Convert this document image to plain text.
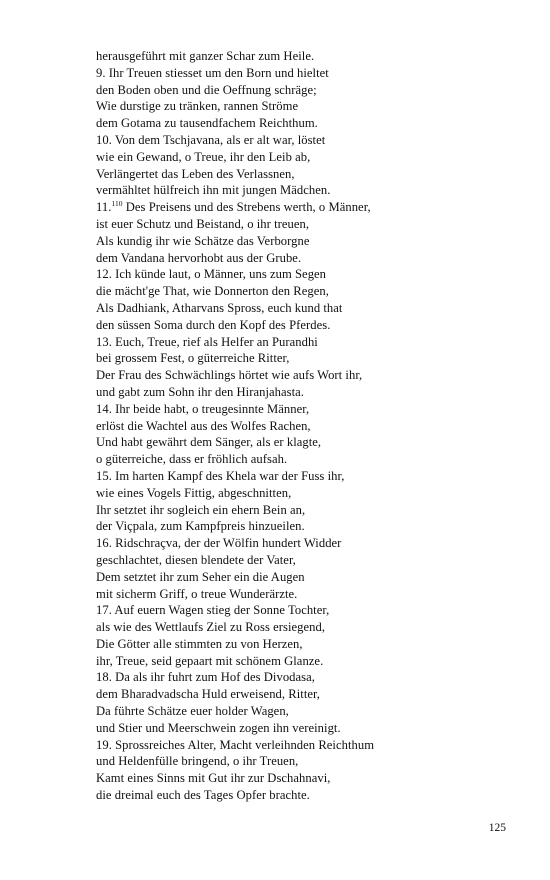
herausgeführt mit ganzer Schar zum Heile.
9. Ihr Treuen stiesset um den Born und hieltet
den Boden oben und die Oeffnung schräge;
Wie durstige zu tränken, rannen Ströme
dem Gotama zu tausendfachem Reichthum.
10. Von dem Tschjavana, als er alt war, löstet
wie ein Gewand, o Treue, ihr den Leib ab,
Verlängertet das Leben des Verlassnen,
vermähltet hülfreich ihn mit jungen Mädchen.
11.$^{110}$ Des Preisens und des Strebens werth, o Männer,
ist euer Schutz und Beistand, o ihr treuen,
Als kundig ihr wie Schätze das Verborgne
dem Vandana hervorhobt aus der Grube.
12. Ich künde laut, o Männer, uns zum Segen
die mächt'ge That, wie Donnerton den Regen,
Als Dadhiank, Atharvans Spross, euch kund that
den süssen Soma durch den Kopf des Pferdes.
13. Euch, Treue, rief als Helfer an Purandhi
bei grossem Fest, o güterreiche Ritter,
Der Frau des Schwächlings hörtet wie aufs Wort ihr,
und gabt zum Sohn ihr den Hiranjahasta.
14. Ihr beide habt, o treugesinnte Männer,
erlöst die Wachtel aus des Wolfes Rachen,
Und habt gewährt dem Sänger, als er klagte,
o güterreiche, dass er fröhlich aufsah.
15. Im harten Kampf des Khela war der Fuss ihr,
wie eines Vogels Fittig, abgeschnitten,
Ihr setztet ihr sogleich ein ehern Bein an,
der Viçpala, zum Kampfpreis hinzueilen.
16. Ridschraçva, der der Wölfin hundert Widder
geschlachtet, diesen blendete der Vater,
Dem setztet ihr zum Seher ein die Augen
mit sicherm Griff, o treue Wunderärzte.
17. Auf euern Wagen stieg der Sonne Tochter,
als wie des Wettlaufs Ziel zu Ross ersiegend,
Die Götter alle stimmten zu von Herzen,
ihr, Treue, seid gepaart mit schönem Glanze.
18. Da als ihr fuhrt zum Hof des Divodasa,
dem Bharadvadscha Huld erweisend, Ritter,
Da führte Schätze euer holder Wagen,
und Stier und Meerschwein zogen ihn vereinigt.
19. Sprossreiches Alter, Macht verleihnden Reichthum
und Heldenfülle bringend, o ihr Treuen,
Kamt eines Sinns mit Gut ihr zur Dschahnavi,
die dreimal euch des Tages Opfer brachte.
125
